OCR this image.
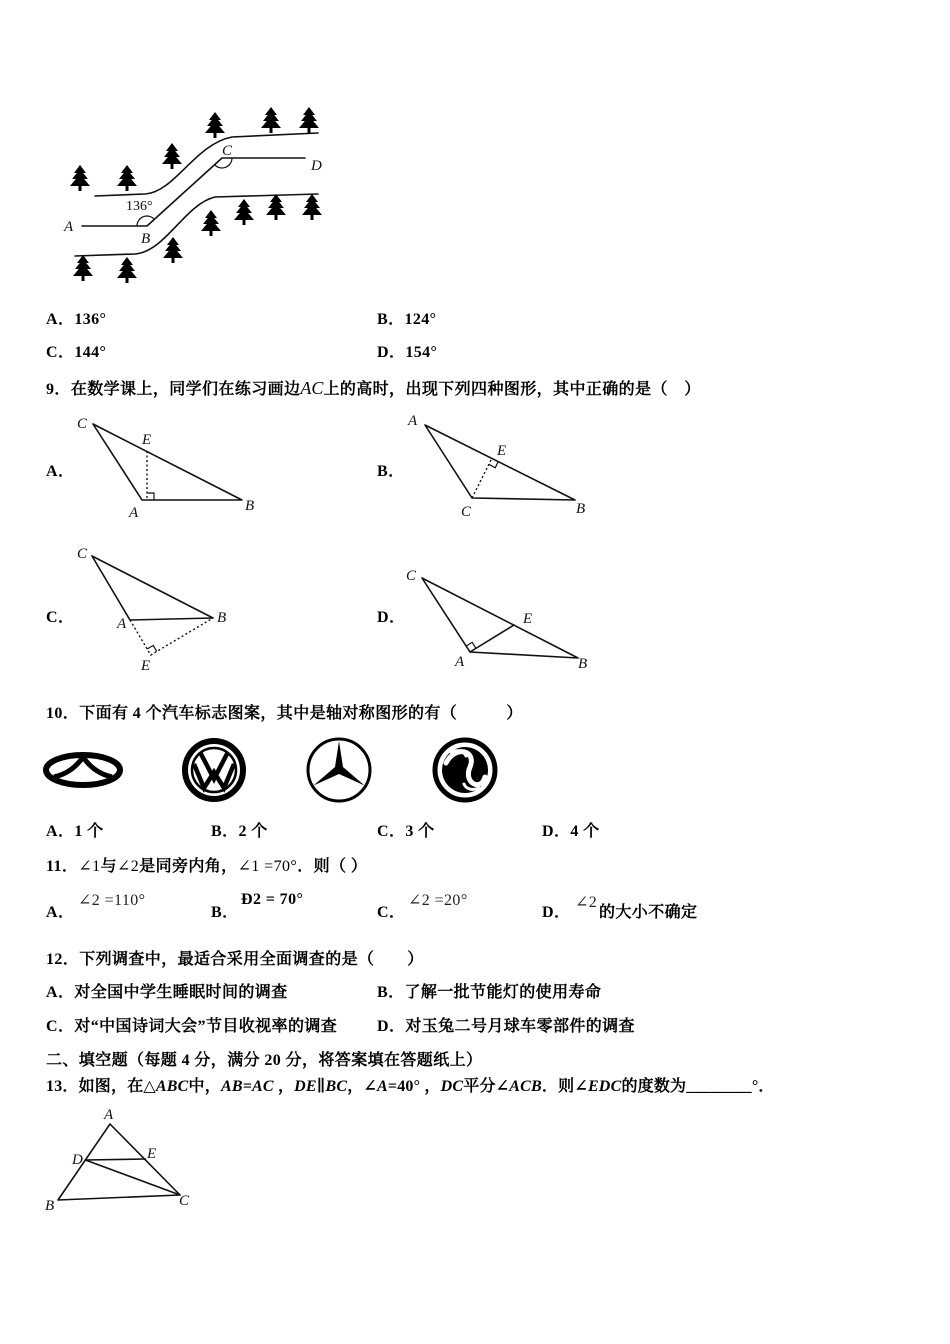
A
B
C
D
136°
A．136°	B．124°
C．144°	D．154°
9．在数学课上，同学们在练习画边AC上的高时，出现下列四种图形，其中正确的是（　）
A．	B．
C．	D．
C
E
A	B
A
E
C	B
C
A	B
E
C
E
A	B
10．下面有 4 个汽车标志图案，其中是轴对称图形的有（　　　）
A．1 个	B．2 个	C．3 个	D．4 个
11．∠1与∠2是同旁内角，∠1 =70°．则（ ）
A．
∠2 =110°
B．
Ð2 = 70°
C．
∠2 =20°
D．
∠2
的大小不确定
12．下列调查中，最适合采用全面调查的是（　　）
A．对全国中学生睡眠时间的调查	B．了解一批节能灯的使用寿命
C．对“中国诗词大会”节目收视率的调查 D．对玉兔二号月球车零部件的调查
二、填空题（每题 4 分，满分 20 分，将答案填在答题纸上）
13．如图，在△ABC中，AB=AC ，DE∥BC，∠A=40° ，DC平分∠ACB．则∠EDC的度数为________°．
A
D	E
B	C
